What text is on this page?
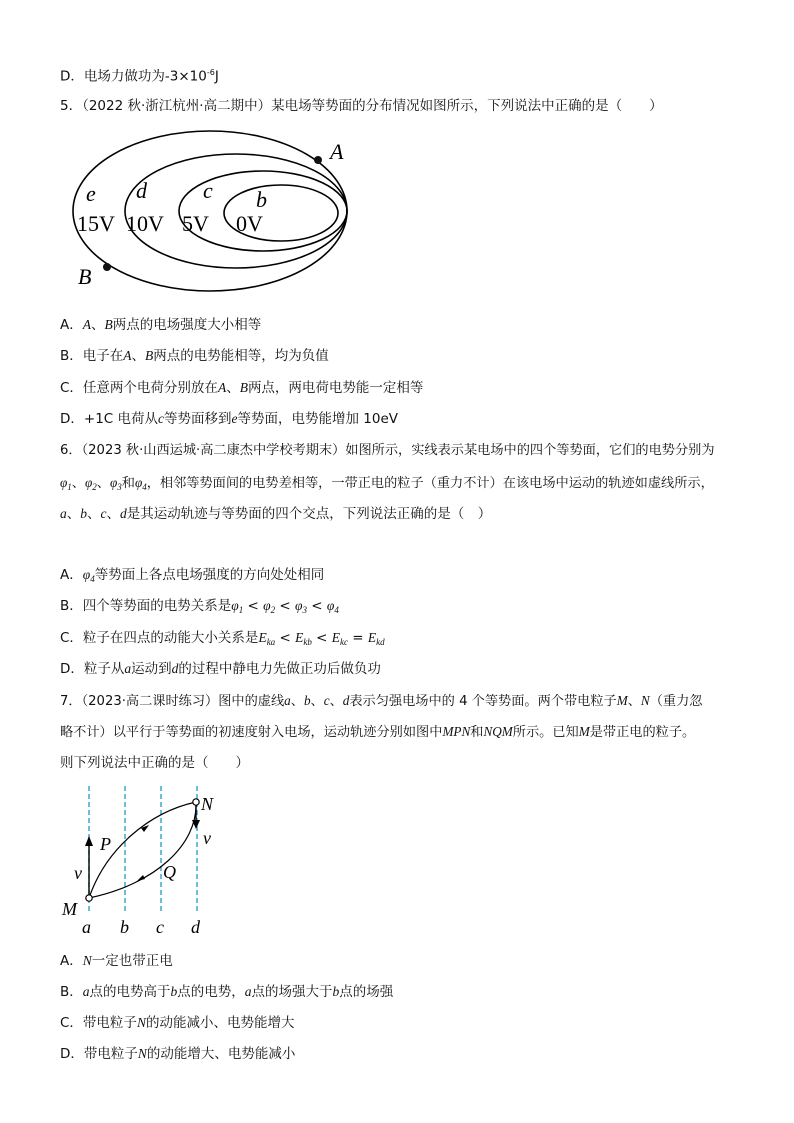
D．电场力做功为$-3\times 10^{-6}J$
5．（2022 秋·浙江杭州·高二期中）某电场等势面的分布情况如图所示，下列说法中正确的是（　　）
A
B
e
15V
d
10V
c
5V
b
0V
A．A、B两点的电场强度大小相等
B．电子在A、B两点的电势能相等，均为负值
C．任意两个电荷分别放在A、B两点，两电荷电势能一定相等
D．+1C 电荷从c等势面移到e等势面，电势能增加 10eV
6．（2023 秋·山西运城·高二康杰中学校考期末）如图所示，实线表示某电场中的四个等势面，它们的电势分别为
$\varphi_1$、$\varphi_2$、$\varphi_3$和$\varphi_4$，相邻等势面间的电势差相等，一带正电的粒子（重力不计）在该电场中运动的轨迹如虚线所示，
a、b、c、d是其运动轨迹与等势面的四个交点，下列说法正确的是（　）
A．$\varphi_4$等势面上各点电场强度的方向处处相同
B．四个等势面的电势关系是$\varphi_1 < \varphi_2 < \varphi_3 < \varphi_4$
C．粒子在四点的动能大小关系是$E_{ka} < E_{kb} < E_{kc} = E_{kd}$
D．粒子从a运动到d的过程中静电力先做正功后做负功
7．（2023·高二课时练习）图中的虚线a、b、c、d表示匀强电场中的 4 个等势面。两个带电粒子M、N（重力忽
略不计）以平行于等势面的初速度射入电场，运动轨迹分别如图中MPN和NQM所示。已知M是带正电的粒子。
则下列说法中正确的是（　　）
M
N
P
Q
v
v
a b c d
A．N一定也带正电
B．a点的电势高于b点的电势，a点的场强大于b点的场强
C．带电粒子N的动能减小、电势能增大
D．带电粒子N的动能增大、电势能减小
